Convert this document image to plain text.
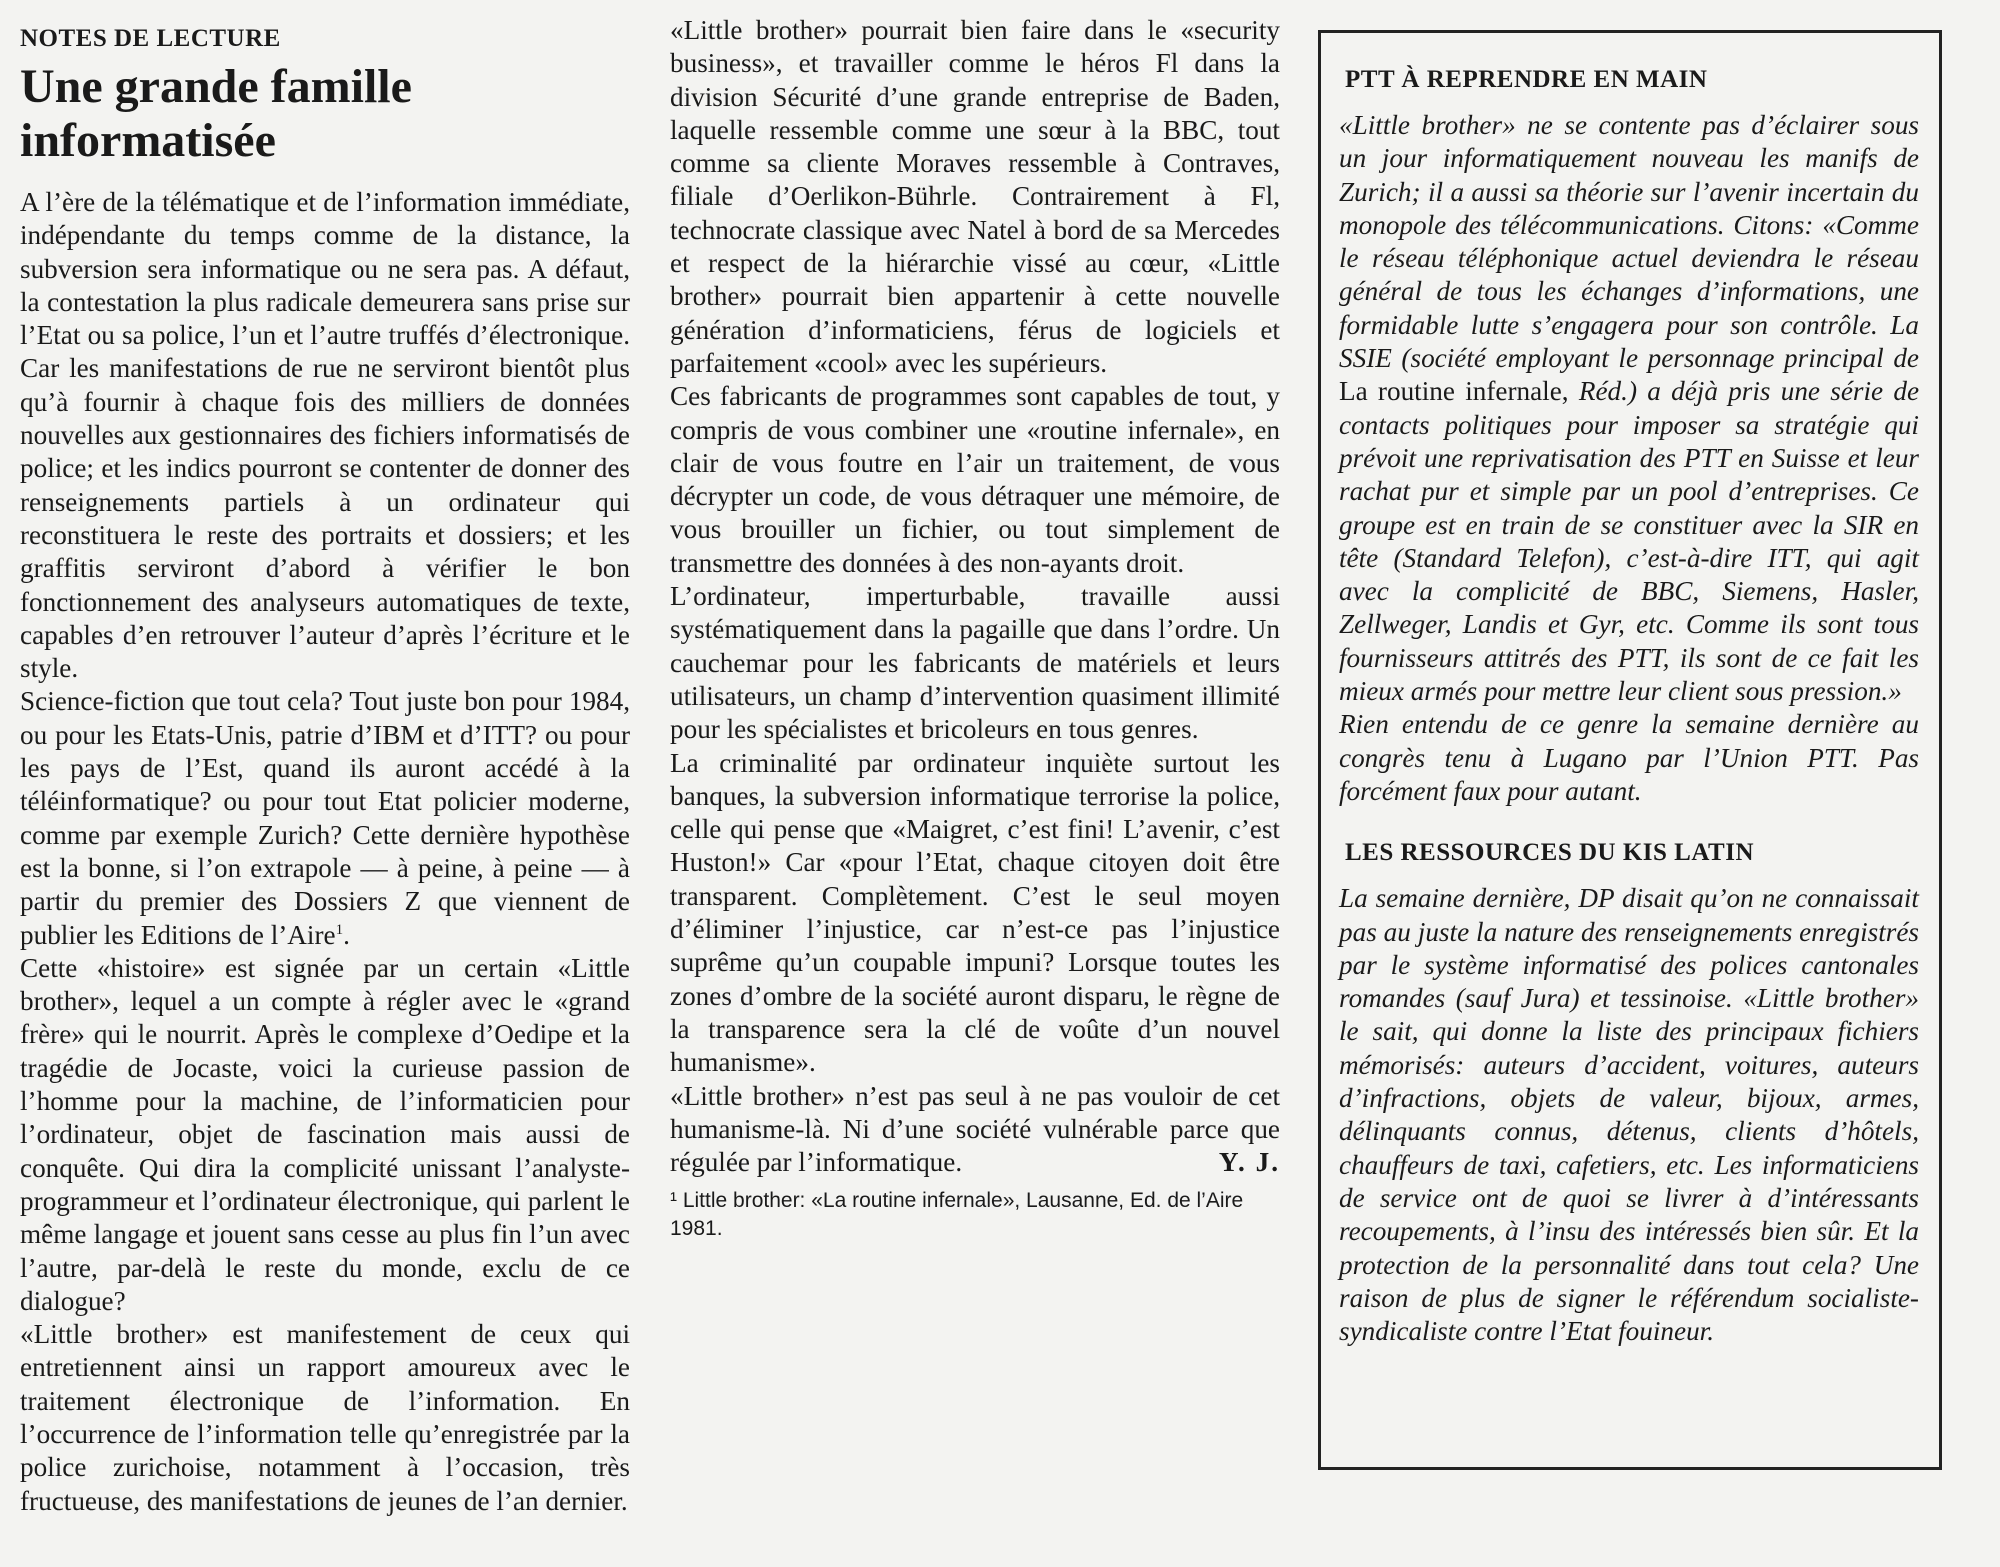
NOTES DE LECTURE
Une grande famille informatisée

A l’ère de la télématique et de l’information immédiate, indépendante du temps comme de la distance, la subversion sera informatique ou ne sera pas. A défaut, la contestation la plus radicale demeurera sans prise sur l’Etat ou sa police, l’un et l’autre truffés d’électronique. Car les manifestations de rue ne serviront bientôt plus qu’à fournir à chaque fois des milliers de données nouvelles aux gestionnaires des fichiers informatisés de police; et les indics pourront se contenter de donner des renseignements partiels à un ordinateur qui reconstituera le reste des portraits et dossiers; et les graffitis serviront d’abord à vérifier le bon fonctionnement des analyseurs automatiques de texte, capables d’en retrouver l’auteur d’après l’écriture et le style.

Science-fiction que tout cela? Tout juste bon pour 1984, ou pour les Etats-Unis, patrie d’IBM et d’ITT? ou pour les pays de l’Est, quand ils auront accédé à la téléinformatique? ou pour tout Etat policier moderne, comme par exemple Zurich? Cette dernière hypothèse est la bonne, si l’on extrapole — à peine, à peine — à partir du premier des Dossiers Z que viennent de publier les Editions de l’Aire$^1$.

Cette «histoire» est signée par un certain «Little brother», lequel a un compte à régler avec le «grand frère» qui le nourrit. Après le complexe d’Oedipe et la tragédie de Jocaste, voici la curieuse passion de l’homme pour la machine, de l’informaticien pour l’ordinateur, objet de fascination mais aussi de conquête. Qui dira la complicité unissant l’analyste-programmeur et l’ordinateur électronique, qui parlent le même langage et jouent sans cesse au plus fin l’un avec l’autre, par-delà le reste du monde, exclu de ce dialogue?

«Little brother» est manifestement de ceux qui entretiennent ainsi un rapport amoureux avec le traitement électronique de l’information. En l’occurrence de l’information telle qu’enregistrée par la police zurichoise, notamment à l’occasion, très fructueuse, des manifestations de jeunes de l’an dernier.

«Little brother» pourrait bien faire dans le «security business», et travailler comme le héros Fl dans la division Sécurité d’une grande entreprise de Baden, laquelle ressemble comme une sœur à la BBC, tout comme sa cliente Moraves ressemble à Contraves, filiale d’Oerlikon-Bührle. Contrairement à Fl, technocrate classique avec Natel à bord de sa Mercedes et respect de la hiérarchie vissé au cœur, «Little brother» pourrait bien appartenir à cette nouvelle génération d’informaticiens, férus de logiciels et parfaitement «cool» avec les supérieurs.

Ces fabricants de programmes sont capables de tout, y compris de vous combiner une «routine infernale», en clair de vous foutre en l’air un traitement, de vous décrypter un code, de vous détraquer une mémoire, de vous brouiller un fichier, ou tout simplement de transmettre des données à des non-ayants droit.

L’ordinateur, imperturbable, travaille aussi systématiquement dans la pagaille que dans l’ordre. Un cauchemar pour les fabricants de matériels et leurs utilisateurs, un champ d’intervention quasiment illimité pour les spécialistes et bricoleurs en tous genres.

La criminalité par ordinateur inquiète surtout les banques, la subversion informatique terrorise la police, celle qui pense que «Maigret, c’est fini! L’avenir, c’est Huston!» Car «pour l’Etat, chaque citoyen doit être transparent. Complètement. C’est le seul moyen d’éliminer l’injustice, car n’est-ce pas l’injustice suprême qu’un coupable impuni? Lorsque toutes les zones d’ombre de la société auront disparu, le règne de la transparence sera la clé de voûte d’un nouvel humanisme».

«Little brother» n’est pas seul à ne pas vouloir de cet humanisme-là. Ni d’une société vulnérable parce que régulée par l’informatique.	Y. J.

¹ Little brother: «La routine infernale», Lausanne, Ed. de l’Aire 1981.

PTT À REPRENDRE EN MAIN

«Little brother» ne se contente pas d’éclairer sous un jour informatiquement nouveau les manifs de Zurich; il a aussi sa théorie sur l’avenir incertain du monopole des télécommunications. Citons: «Comme le réseau téléphonique actuel deviendra le réseau général de tous les échanges d’informations, une formidable lutte s’engagera pour son contrôle. La SSIE (société employant le personnage principal de La routine infernale, Réd.) a déjà pris une série de contacts politiques pour imposer sa stratégie qui prévoit une reprivatisation des PTT en Suisse et leur rachat pur et simple par un pool d’entreprises. Ce groupe est en train de se constituer avec la SIR en tête (Standard Telefon), c’est-à-dire ITT, qui agit avec la complicité de BBC, Siemens, Hasler, Zellweger, Landis et Gyr, etc. Comme ils sont tous fournisseurs attitrés des PTT, ils sont de ce fait les mieux armés pour mettre leur client sous pression.»

Rien entendu de ce genre la semaine dernière au congrès tenu à Lugano par l’Union PTT. Pas forcément faux pour autant.

LES RESSOURCES DU KIS LATIN

La semaine dernière, DP disait qu’on ne connaissait pas au juste la nature des renseignements enregistrés par le système informatisé des polices cantonales romandes (sauf Jura) et tessinoise. «Little brother» le sait, qui donne la liste des principaux fichiers mémorisés: auteurs d’accident, voitures, auteurs d’infractions, objets de valeur, bijoux, armes, délinquants connus, détenus, clients d’hôtels, chauffeurs de taxi, cafetiers, etc. Les informaticiens de service ont de quoi se livrer à d’intéressants recoupements, à l’insu des intéressés bien sûr. Et la protection de la personnalité dans tout cela? Une raison de plus de signer le référendum socialiste-syndicaliste contre l’Etat fouineur.
